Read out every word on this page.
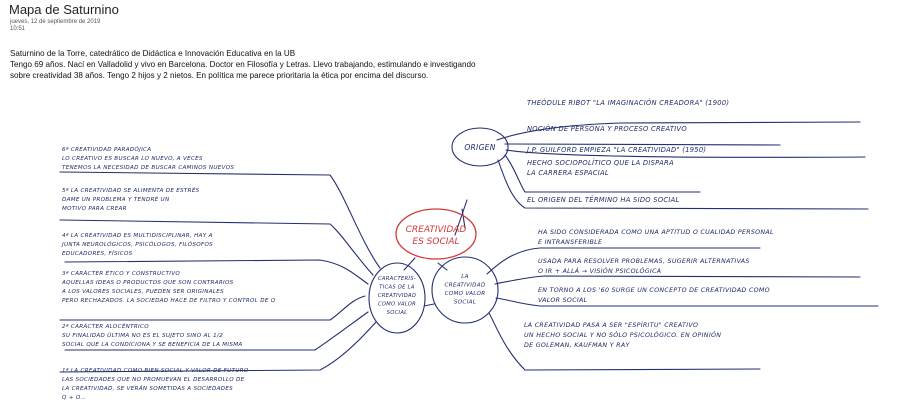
Mapa de Saturnino
jueves, 12 de septiembre de 2019
10:51
Saturnino de la Torre, catedrático de Didáctica e Innovación Educativa en la UB
Tengo 69 años. Nací en Valladolid y vivo en Barcelona. Doctor en Filosofía y Letras. Llevo trabajando, estimulando e investigando
sobre creatividad 38 años. Tengo 2 hijos y 2 nietos. En política me parece prioritaria la ética por encima del discurso.
CREATIVIDAD ES SOCIAL
ORIGEN
CARACTERÍS-TICAS DE LA CREATIVIDAD COMO VALOR SOCIAL
LA CREATIVIDAD COMO VALOR SOCIAL
THEÓDULE RIBOT "LA IMAGINACIÓN CREADORA" (1900)
NOCIÓN DE PERSONA Y PROCESO CREATIVO
J.P. GUILFORD EMPIEZA "LA CREATIVIDAD" (1950)
HECHO SOCIOPOLÍTICO QUE LA DISPARA LA CARRERA ESPACIAL
EL ORIGEN DEL TÉRMINO HA SIDO SOCIAL
HA SIDO CONSIDERADA COMO UNA APTITUD O CUALIDAD PERSONAL E INTRANSFERIBLE
USADA PARA RESOLVER PROBLEMAS, SUGERIR ALTERNATIVAS O IR + ALLÁ → VISIÓN PSICOLÓGICA
EN TORNO A LOS '60 SURGE UN CONCEPTO DE CREATIVIDAD COMO VALOR SOCIAL
LA CREATIVIDAD PASA A SER "ESPÍRITU" CREATIVO UN HECHO SOCIAL Y NO SÓLO PSICOLÓGICO. EN OPINIÓN DE GOLEMAN, KAUFMAN Y RAY
6ª CREATIVIDAD PARADÓJICA LO CREATIVO ES BUSCAR LO NUEVO, A VECES TENEMOS LA NECESIDAD DE BUSCAR CAMINOS NUEVOS
5ª LA CREATIVIDAD SE ALIMENTA DE ESTRÉS DAME UN PROBLEMA Y TENDRÉ UN MOTIVO PARA CREAR
4ª LA CREATIVIDAD ES MULTIDISCIPLINAR, HAY A JUNTA NEUROLÓGICOS, PSICÓLOGOS, FILÓSOFOS EDUCADORES, FÍSICOS
3ª CARÁCTER ÉTICO Y CONSTRUCTIVO AQUELLAS IDEAS O PRODUCTOS QUE SON CONTRARIOS A LOS VALORES SOCIALES, PUEDEN SER ORIGINALES PERO RECHAZADOS. LA SOCIEDAD HACE DE FILTRO Y CONTROL DE Q
2ª CARÁCTER ALOCÉNTRICO SU FINALIDAD ÚLTIMA NO ES EL SUJETO SINO AL 1/2 SOCIAL QUE LA CONDICIONA Y SE BENEFICIA DE LA MISMA
1ª LA CREATIVIDAD COMO BIEN SOCIAL Y VALOR DE FUTURO LAS SOCIEDADES QUE NO PROMUEVAN EL DESARROLLO DE LA CREATIVIDAD, SE VERÁN SOMETIDAS A SOCIEDADES Q + O…
